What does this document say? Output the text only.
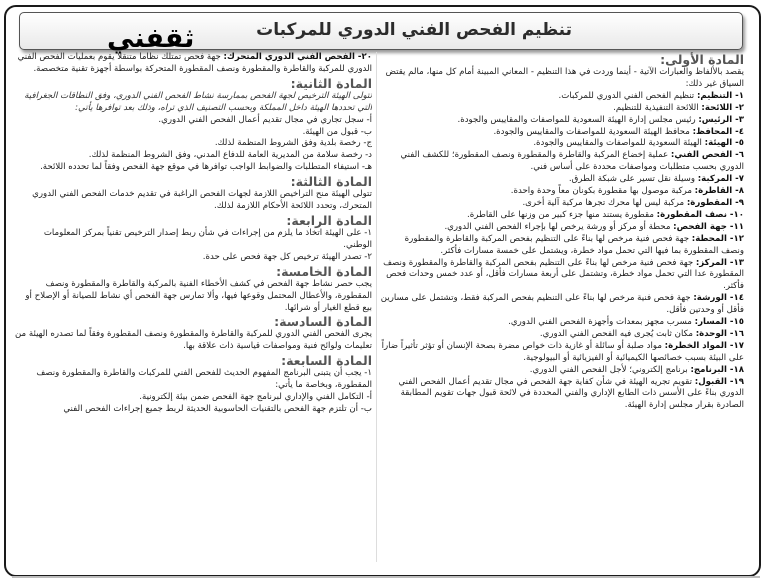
تنظيم الفحص الفني الدوري للمركبات
ثقفني

المادة الأولى:

يقصد بالألفاظ والعبارات الآتية - أينما وردت في هذا التنظيم - المعاني المبينة أمام كل منها، مالم يقتض السياق غير ذلك:

١- التنظيم: تنظيم الفحص الفني الدوري للمركبات.

٢- اللائحة: اللائحة التنفيذية للتنظيم.

٣- الرئيس: رئيس مجلس إدارة الهيئة السعودية للمواصفات والمقاييس والجودة.

٤- المحافظ: محافظ الهيئة السعودية للمواصفات والمقاييس والجودة.

٥- الهيئة: الهيئة السعودية للمواصفات والمقاييس والجودة.

٦- الفحص الفني: عملية إخضاع المركبة والقاطرة والمقطورة ونصف المقطورة؛ للكشف الفني الدوري بحسب متطلبات ومواصفات محددة على أساس فني.

٧- المركبة: وسيلة نقل تسير على شبكة الطرق.

٨- القاطرة: مركبة موصول بها مقطورة بكونان معاً وحدة واحدة.

٩- المقطورة: مركبة ليس لها محرك تجرها مركبة آلية أخرى.

١٠- نصف المقطورة: مقطورة يستند منها جزء كبير من وزنها على القاطرة.

١١- جهة الفحص: محطة أو مركز أو ورشة يرخص لها بإجراء الفحص الفني الدوري.

١٢- المحطة: جهة فحص فنية مرخص لها بناءً على التنظيم بفحص المركبة والقاطرة والمقطورة ونصف المقطورة بما فيها التي تحمل مواد خطرة، ويشتمل على خمسة مسارات فأكثر.

١٣- المركز: جهة فحص فنية مرخص لها بناءً على التنظيم بفحص المركبة والقاطرة والمقطورة ونصف المقطورة عدا التي تحمل مواد خطرة، وتشتمل على أربعة مسارات فأقل، أو عدد خمس وحدات فحص فأكثر.

١٤- الورشة: جهة فحص فنية مرخص لها بناءً على التنظيم بفحص المركبة فقط، وتشتمل على مسارين فأقل أو وحدتين فأقل.

١٥- المسار: مسرب مجهز بمعدات وأجهزة الفحص الفني الدوري.

١٦- الوحدة: مكان ثابت يُجرى فيه الفحص الفني الدوري.

١٧- المواد الخطرة: مواد صلبة أو سائلة أو غازية ذات خواص مضرة بصحة الإنسان أو تؤثر تأثيراً ضاراً على البيئة بسبب خصائصها الكيميائية أو الفيزيائية أو البيولوجية.

١٨- البرنامج: برنامج إلكتروني؛ لأجل الفحص الفني الدوري.

١٩- القبول: تقويم تجريه الهيئة في شأن كفاية جهة الفحص في مجال تقديم أعمال الفحص الفني الدوري بناءً على الأسس ذات الطابع الإداري والفني المحددة في لائحة قبول جهات تقويم المطابقة الصادرة بقرار مجلس إدارة الهيئة.

٢٠- الفحص الفني الدوري المتحرك: جهة فحص تمتلك نظاماً متنقلاً يقوم بعمليات الفحص الفني الدوري للمركبة والقاطرة والمقطورة ونصف المقطورة المتحركة بواسطة أجهزة تقنية متخصصة.

المادة الثانية:

تتولى الهيئة الترخيص لجهة الفحص بممارسة نشاط الفحص الفني الدوري، وفق النطاقات الجغرافية التي تحددها الهيئة داخل المملكة وبحسب التصنيف الذي تراه، وذلك بعد توافرها يأتي:

أ- سجل تجاري في مجال تقديم أعمال الفحص الفني الدوري.

ب- قبول من الهيئة.

ج- رخصة بلدية وفق الشروط المنظمة لذلك.

د- رخصة سلامة من المديرية العامة للدفاع المدني، وفق الشروط المنظمة لذلك.

هـ- استيفاء المتطلبات والضوابط الواجب توافرها في موقع جهة الفحص وفقاً لما تحدده اللائحة.

المادة الثالثة:

تتولى الهيئة منح التراخيص اللازمة لجهات الفحص الراغبة في تقديم خدمات الفحص الفني الدوري المتحرك، وتحدد اللائحة الأحكام اللازمة لذلك.

المادة الرابعة:

١- على الهيئة اتخاذ ما يلزم من إجراءات في شأن ربط إصدار الترخيص تقنياً بمركز المعلومات الوطني.

٢- تصدر الهيئة ترخيص كل جهة فحص على حدة.

المادة الخامسة:

يجب حصر نشاط جهة الفحص في كشف الأخطاء الفنية بالمركبة والقاطرة والمقطورة ونصف المقطورة، والأعطال المحتمل وقوعها فيها، وألا تمارس جهة الفحص أي نشاط للصيانة أو الإصلاح أو بيع قطع الغيار أو شرائها.

المادة السادسة:

يجرى الفحص الفني الدوري للمركبة والقاطرة والمقطورة ونصف المقطورة وفقاً لما تصدره الهيئة من تعليمات ولوائح فنية ومواصفات قياسية ذات علاقة بها.

المادة السابعة:

١- يجب أن يتبنى البرنامج المفهوم الحديث للفحص الفني للمركبات والقاطرة والمقطورة ونصف المقطورة، وبخاصة ما يأتي:

أ- التكامل الفني والإداري لبرنامج جهة الفحص ضمن بيئة إلكترونية.

ب- أن تلتزم جهة الفحص بالتقنيات الحاسوبية الحديثة لربط جميع إجراءات الفحص الفني
